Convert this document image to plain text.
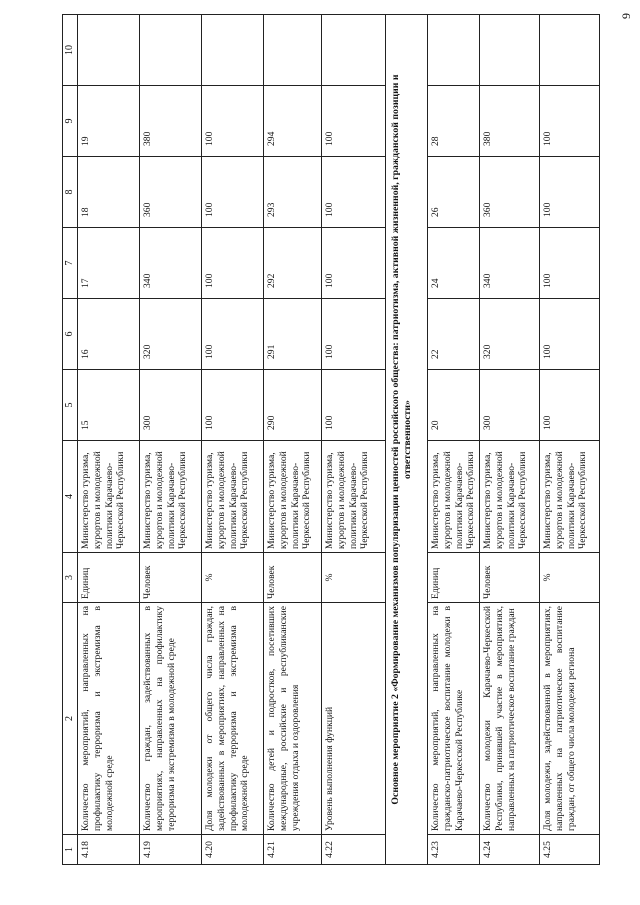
9
1	2	3	4	5	6	7	8	9	10
4.18	Количество мероприятий, направленных на профилактику терроризма и экстремизма в молодежной среде	Единиц	Министерство туризма, курортов и молодежной политики Карачаево-Черкесской Республики	15	16	17	18	19	
4.19	Количество граждан, задействованных в мероприятиях, направленных на профилактику терроризма и экстремизма в молодежной среде	Человек	Министерство туризма, курортов и молодежной политики Карачаево-Черкесской Республики	300	320	340	360	380	
4.20	Доля молодежи от общего числа граждан, задействованных в мероприятиях, направленных на профилактику терроризма и экстремизма в молодежной среде	%	Министерство туризма, курортов и молодежной политики Карачаево-Черкесской Республики	100	100	100	100	100	
4.21	Количество детей и подростков, посетивших международные, российские и республиканские учреждения отдыха и оздоровления	Человек	Министерство туризма, курортов и молодежной политики Карачаево-Черкесской Республики	290	291	292	293	294	
4.22	Уровень выполнения функций	%	Министерство туризма, курортов и молодежной политики Карачаево-Черкесской Республики	100	100	100	100	100	
Основное мероприятие 2 «Формирование механизмов популяризации ценностей российского общества: патриотизма, активной жизненной, гражданской позиции и ответственности»									
4.23	Количество мероприятий, направленных на гражданско-патриотическое воспитание молодежи в Карачаево-Черкесской Республике	Единиц	Министерство туризма, курортов и молодежной политики Карачаево-Черкесской Республики	20	22	24	26	28	
4.24	Количество молодежи Карачаево-Черкесской Республики, принявшей участие в мероприятиях, направленных на патриотическое воспитание граждан	Человек	Министерство туризма, курортов и молодежной политики Карачаево-Черкесской Республики	300	320	340	360	380	
4.25	Доля молодежи, задействованной в мероприятиях, направленных на патриотическое воспитание граждан, от общего числа молодежи региона	%	Министерство туризма, курортов и молодежной политики Карачаево-Черкесской Республики	100	100	100	100	100	
